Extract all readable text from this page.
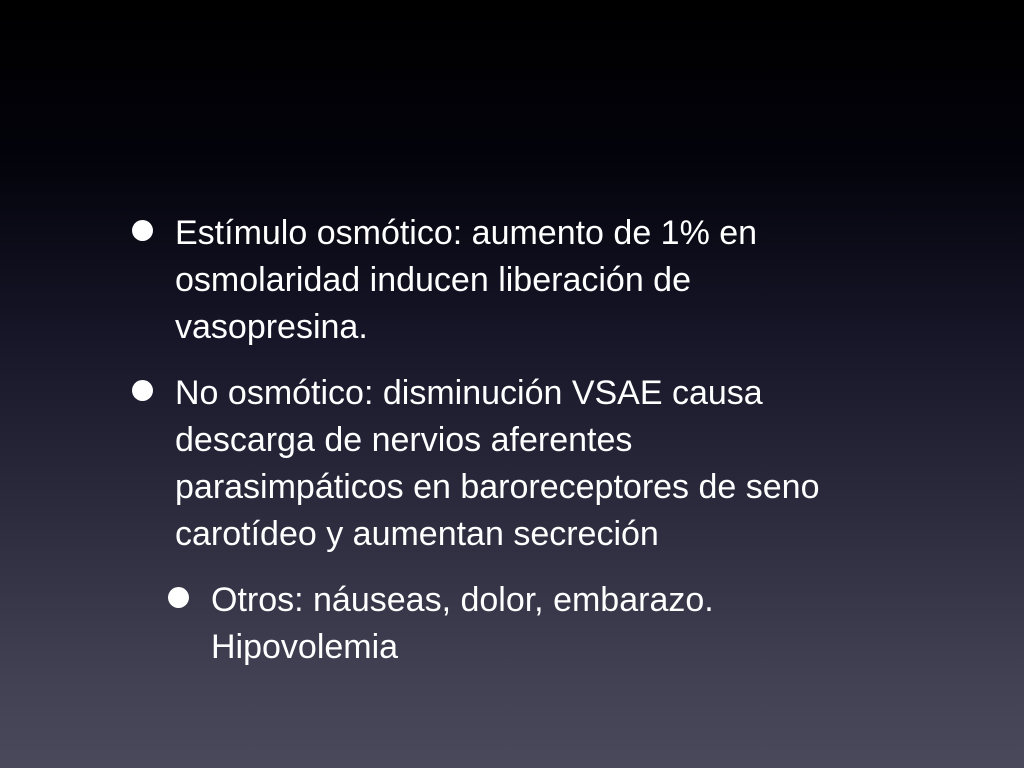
Estímulo osmótico: aumento de 1% en
osmolaridad inducen liberación de
vasopresina.
No osmótico: disminución VSAE causa
descarga de nervios aferentes
parasimpáticos en baroreceptores de seno
carotídeo y aumentan secreción
Otros: náuseas, dolor, embarazo.
Hipovolemia
